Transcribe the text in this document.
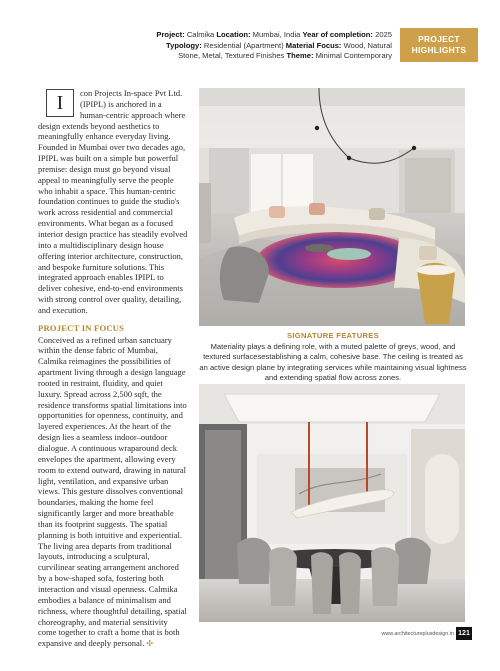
Project: Calmika Location: Mumbai, India Year of completion: 2025
Typology: Residential (Apartment) Material Focus: Wood, Natural Stone, Metal, Textured Finishes Theme: Minimal Contemporary
PROJECT
HIGHLIGHTS
I	con Projects In-space Pvt Ltd. (IPIPL) is anchored in a human-centric approach where design extends beyond aesthetics to meaningfully enhance everyday living. Founded in Mumbai over two decades ago, IPIPL was built on a simple but powerful premise: design must go beyond visual appeal to meaningfully serve the people who inhabit a space. This human-centric foundation continues to guide the studio's work across residential and commercial environments. What began as a focused interior design practice has steadily evolved into a multidisciplinary design house offering interior architecture, construction, and bespoke furniture solutions. This integrated approach enables IPIPL to deliver cohesive, end-to-end environments with strong control over quality, detailing, and execution.

PROJECT IN FOCUS

Conceived as a refined urban sanctuary within the dense fabric of Mumbai, Calmika reimagines the possibilities of apartment living through a design language rooted in restraint, fluidity, and quiet luxury. Spread across 2,500 sqft, the residence transforms spatial limitations into opportunities for openness, continuity, and layered experiences. At the heart of the design lies a seamless indoor–outdoor dialogue. A continuous wraparound deck envelopes the apartment, allowing every room to extend outward, drawing in natural light, ventilation, and expansive urban views. This gesture dissolves conventional boundaries, making the home feel significantly larger and more breathable than its footprint suggests. The spatial planning is both intuitive and experiential. The living area departs from traditional layouts, introducing a sculptural, curvilinear seating arrangement anchored by a bow-shaped sofa, fostering both interaction and visual openness. Calmika embodies a balance of minimalism and richness, where thoughtful detailing, spatial choreography, and material sensitivity come together to craft a home that is both expansive and deeply personal. ✣

SIGNATURE FEATURES
Materiality plays a defining role, with a muted palette of greys, wood, and textured surfacesestablishing a calm, cohesive base. The ceiling is treated as an active design plane by integrating services while maintaining visual lightness and extending spatial flow across zones.
www.architectureplusdesign.in 121
